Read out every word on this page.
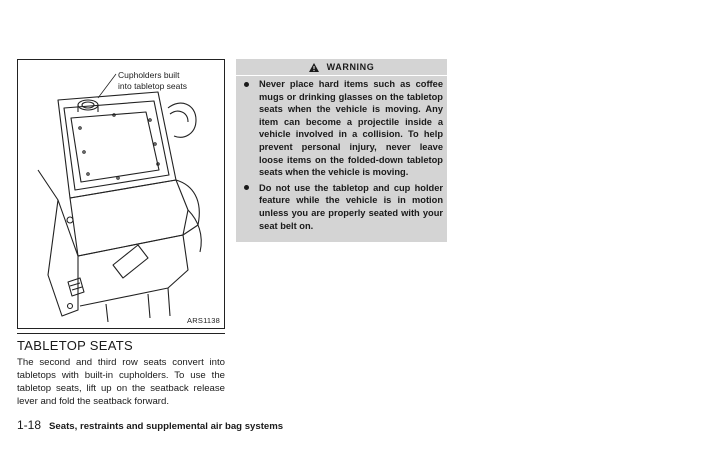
Cupholders built
into tabletop seats
ARS1138
TABLETOP SEATS

The second and third row seats convert into tabletops with built-in cupholders. To use the tabletop seats, lift up on the seatback release lever and fold the seatback forward.

WARNING
Never place hard items such as coffee mugs or drinking glasses on the tabletop seats when the vehicle is moving. Any item can become a projectile inside a vehicle involved in a collision. To help prevent personal injury, never leave loose items on the folded-down tabletop seats when the vehicle is moving.
Do not use the tabletop and cup holder feature while the vehicle is in motion unless you are properly seated with your seat belt on.
1-18 Seats, restraints and supplemental air bag systems
